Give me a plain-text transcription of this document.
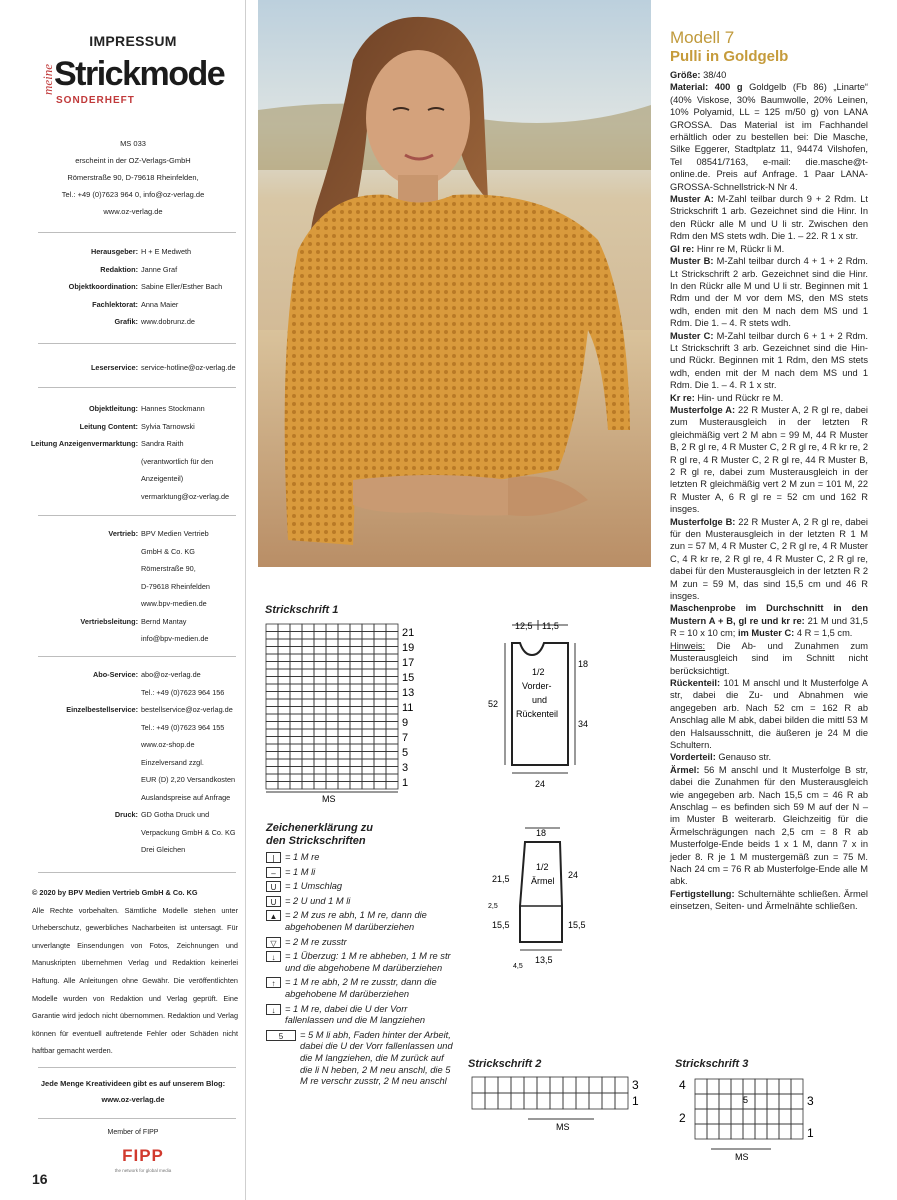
IMPRESSUM
meine Strickmode
SONDERHEFT
MS 033
erscheint in der OZ-Verlags-GmbH
Römerstraße 90, D-79618 Rheinfelden,
Tel.: +49 (0)7623 964 0, info@oz-verlag.de
www.oz-verlag.de
Herausgeber: H + E Medweth
Redaktion: Janne Graf
Objektkoordination: Sabine Eller/Esther Bach
Fachlektorat: Anna Maier
Grafik: www.dobrunz.de
Leserservice: service-hotline@oz-verlag.de
Objektleitung: Hannes Stockmann
Leitung Content: Sylvia Tarnowski
Leitung Anzeigenvermarktung: Sandra Raith
(verantwortlich für den
Anzeigenteil)
vermarktung@oz-verlag.de
Vertrieb: BPV Medien Vertrieb
GmbH & Co. KG
Römerstraße 90,
D-79618 Rheinfelden
www.bpv-medien.de
Vertriebsleitung: Bernd Mantay
info@bpv-medien.de
Abo-Service: abo@oz-verlag.de
Tel.: +49 (0)7623 964 156
Einzelbestellservice: bestellservice@oz-verlag.de
Tel.: +49 (0)7623 964 155
www.oz-shop.de
Einzelversand zzgl.
EUR (D) 2,20 Versandkosten
Auslandspreise auf Anfrage
Druck: GD Gotha Druck und
Verpackung GmbH & Co. KG
Drei Gleichen
© 2020 by BPV Medien Vertrieb GmbH & Co. KG
Alle Rechte vorbehalten. Sämtliche Modelle stehen unter Urheberschutz, gewerbliches Nacharbeiten ist untersagt. Für unverlangte Einsendungen von Fotos, Zeichnungen und Manuskripten übernehmen Verlag und Redaktion keinerlei Haftung. Alle Anleitungen ohne Gewähr. Die veröffentlichten Modelle wurden von Redaktion und Verlag geprüft. Eine Garantie wird jedoch nicht übernommen. Redaktion und Verlag können für eventuell auftretende Fehler oder Schäden nicht haftbar gemacht werden.
Jede Menge Kreativideen gibt es auf unserem Blog:
www.oz-verlag.de
Member of FIPP
FIPP
the network for global media
16
Modell 7
Pulli in Goldgelb

Größe: 38/40

Material: 400 g Goldgelb (Fb 86) „Linarte“ (40% Viskose, 30% Baumwolle, 20% Leinen, 10% Polyamid, LL = 125 m/50 g) von LANA GROSSA. Das Material ist im Fachhandel erhältlich oder zu bestellen bei: Die Masche, Silke Eggerer, Stadtplatz 11, 94474 Vilshofen, Tel 08541/7163, e-mail: die.masche@t-online.de. Preis auf Anfrage. 1 Paar LANA-GROSSA-Schnellstrick-N Nr 4.

Muster A: M-Zahl teilbar durch 9 + 2 Rdm. Lt Strickschrift 1 arb. Gezeichnet sind die Hinr. In den Rückr alle M und U li str. Zwischen den Rdm den MS stets wdh. Die 1. – 22. R 1 x str.

Gl re: Hinr re M, Rückr li M.

Muster B: M-Zahl teilbar durch 4 + 1 + 2 Rdm. Lt Strickschrift 2 arb. Gezeichnet sind die Hinr. In den Rückr alle M und U li str. Beginnen mit 1 Rdm und der M vor dem MS, den MS stets wdh, enden mit den M nach dem MS und 1 Rdm. Die 1. – 4. R stets wdh.

Muster C: M-Zahl teilbar durch 6 + 1 + 2 Rdm. Lt Strickschrift 3 arb. Gezeichnet sind die Hin- und Rückr. Beginnen mit 1 Rdm, den MS stets wdh, enden mit der M nach dem MS und 1 Rdm. Die 1. – 4. R 1 x str.

Kr re: Hin- und Rückr re M.

Musterfolge A: 22 R Muster A, 2 R gl re, dabei zum Musterausgleich in der letzten R gleichmäßig vert 2 M abn = 99 M, 44 R Muster B, 2 R gl re, 4 R Muster C, 2 R gl re, 4 R kr re, 2 R gl re, 4 R Muster C, 2 R gl re, 44 R Muster B, 2 R gl re, dabei zum Musterausgleich in der letzten R gleichmäßig vert 2 M zun = 101 M, 22 R Muster A, 6 R gl re = 52 cm und 162 R insges.

Musterfolge B: 22 R Muster A, 2 R gl re, dabei für den Musterausgleich in der letzten R 1 M zun = 57 M, 4 R Muster C, 2 R gl re, 4 R Muster C, 4 R kr re, 2 R gl re, 4 R Muster C, 2 R gl re, dabei für den Musterausgleich in der letzten R 2 M zun = 59 M, das sind 15,5 cm und 46 R insges.

Maschenprobe im Durchschnitt in den Mustern A + B, gl re und kr re: 21 M und 31,5 R = 10 x 10 cm; im Muster C: 4 R = 1,5 cm.

Hinweis: Die Ab- und Zunahmen zum Musterausgleich sind im Schnitt nicht berücksichtigt.

Rückenteil: 101 M anschl und lt Musterfolge A str, dabei die Zu- und Abnahmen wie angegeben arb. Nach 52 cm = 162 R ab Anschlag alle M abk, dabei bilden die mittl 53 M den Halsausschnitt, die äußeren je 24 M die Schultern.

Vorderteil: Genauso str.

Ärmel: 56 M anschl und lt Musterfolge B str, dabei die Zunahmen für den Musterausgleich wie angegeben arb. Nach 15,5 cm = 46 R ab Anschlag – es befinden sich 59 M auf der N – im Muster B weiterarb. Gleichzeitig für die Ärmelschrägungen nach 2,5 cm = 8 R ab Musterfolge-Ende beids 1 x 1 M, dann 7 x in jeder 8. R je 1 M mustergemäß zun = 75 M. Nach 24 cm = 76 R ab Musterfolge-Ende alle M abk.

Fertigstellung: Schulternähte schließen. Ärmel einsetzen, Seiten- und Ärmelnähte schließen.

Strickschrift 1
21
19
17
15
13
11
9
7
5
3
1
MS
12,5 11,5
18
34
52
1/2
Vorder-
und
Rückenteil
24
18
1/2
Ärmel
21,5	24
2,5
15,5	15,5
4,5
13,5
Zeichenerklärung zu
den Strickschriften
|	= 1 M re
– = 1 M li
U = 1 Umschlag
U = 2 U und 1 M li
▲ = 2 M zus re abh, 1 M re, dann die abgehobenen M darüberziehen
▽ = 2 M re zusstr
↓	= 1 Überzug: 1 M re abheben, 1 M re str und die abgehobene M darüberziehen
↑	= 1 M re abh, 2 M re zusstr, dann die abgehobene M darüberziehen
↓	= 1 M re, dabei die U der Vorr fallenlassen und die M langziehen
5	= 5 M li abh, Faden hinter der Arbeit, dabei die U der Vorr fallenlassen und die M langziehen, die M zurück auf die li N heben, 2 M neu anschl, die 5 M re verschr zusstr, 2 M neu anschl
Strickschrift 2
3
1
MS
Strickschrift 3
4
2
3
1
5
MS
